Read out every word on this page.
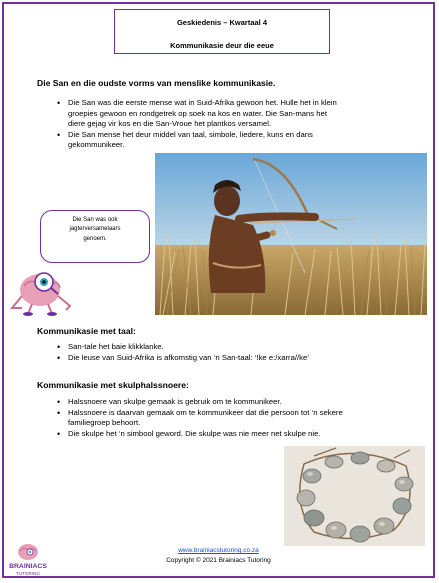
Geskiedenis – Kwartaal 4
Kommunikasie deur die eeue
Die San en die oudste vorms van menslike kommunikasie.
• Die San was die eerste mense wat in Suid-Afrika gewoon het. Hulle het in klein
groepies gewoon en rondgetrek op soek na kos en water. Die San-mans het
diere gejag vir kos en die San-Vroue het plantkos versamel.
• Die San mense het deur middel van taal, simbole, liedere, kuns en dans
gekommunikeer.
Die San was ook
jagterversamelaars
genoem.
Kommunikasie met taal:
• San-tale het baie klikklanke.
• Die leuse van Suid-Afrika is afkomstig van ‘n San-taal: ‘!ke e:/xarra//ke’
Kommunikasie met skulphalssnoere:
• Halssnoere van skulpe gemaak is gebruik om te kommunikeer.
• Halssnoere is daarvan gemaak om te kommunikeer dat die persoon tot ‘n sekere
familiegroep behoort.
• Die skulpe het ‘n simbool geword. Die skulpe was nie meer net skulpe nie.
BRAINIACS
TUTORING
www.brainiacstutoring.co.za
Copyright © 2021 Brainiacs Tutoring
